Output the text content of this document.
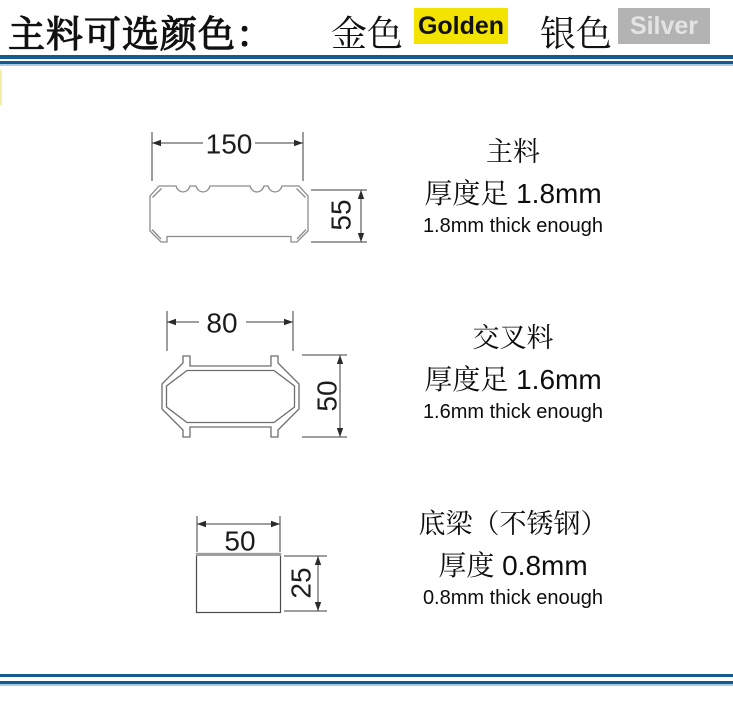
主料可选颜色： 金色 Golden 银色 Silver
150
55
80
50
50
25
主料
厚度足 1.8mm
1.8mm thick enough
交叉料
厚度足 1.6mm
1.6mm thick enough
底梁（不锈钢）
厚度 0.8mm
0.8mm thick enough
